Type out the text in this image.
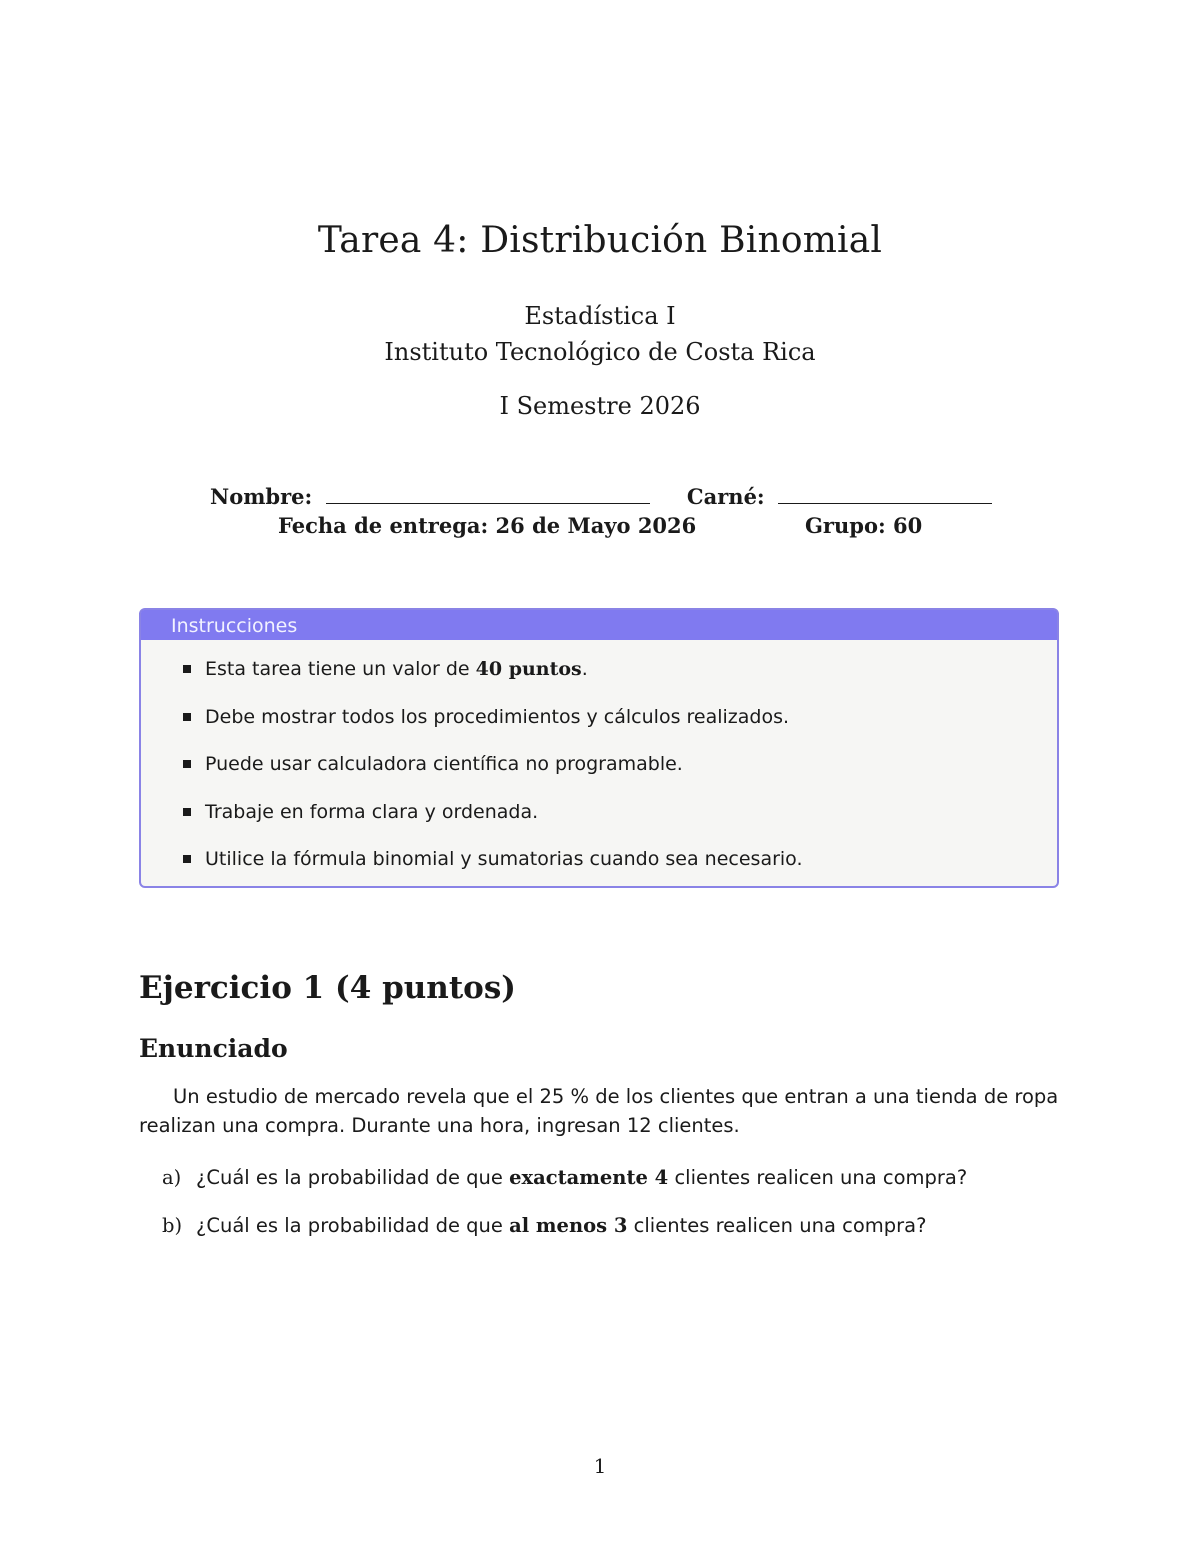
Tarea 4: Distribución Binomial
Estadística I
Instituto Tecnológico de Costa Rica
I Semestre 2026
Nombre:	Carné:
Fecha de entrega: 26 de Mayo 2026	Grupo: 60
Instrucciones
Esta tarea tiene un valor de 40 puntos.
Debe mostrar todos los procedimientos y cálculos realizados.
Puede usar calculadora científica no programable.
Trabaje en forma clara y ordenada.
Utilice la fórmula binomial y sumatorias cuando sea necesario.
Ejercicio 1 (4 puntos)
Enunciado
Un estudio de mercado revela que el 25 % de los clientes que entran a una tienda de ropa realizan una compra. Durante una hora, ingresan 12 clientes.
a) ¿Cuál es la probabilidad de que exactamente 4 clientes realicen una compra?
b) ¿Cuál es la probabilidad de que al menos 3 clientes realicen una compra?
1
